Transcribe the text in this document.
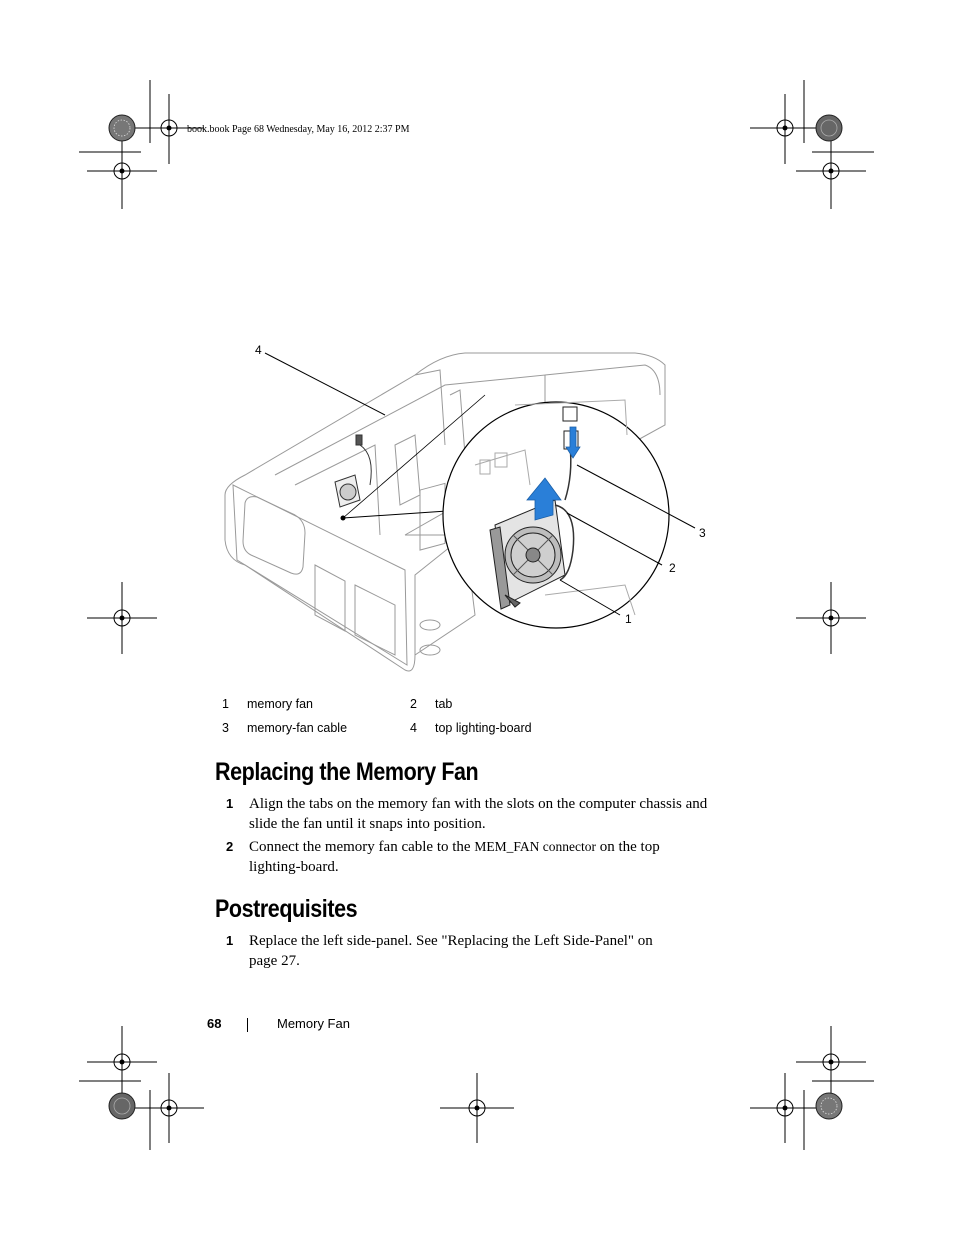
book.book Page 68 Wednesday, May 16, 2012 2:37 PM
4
3
2
1
1	memory fan	2	tab
3	memory-fan cable	4	top lighting-board
Replacing the Memory Fan
1 Align the tabs on the memory fan with the slots on the computer chassis and slide the fan until it snaps into position.
2 Connect the memory fan cable to the MEM_FAN connector on the top lighting-board.
Postrequisites
1 Replace the left side-panel. See "Replacing the Left Side-Panel" on page 27.
68	Memory Fan
